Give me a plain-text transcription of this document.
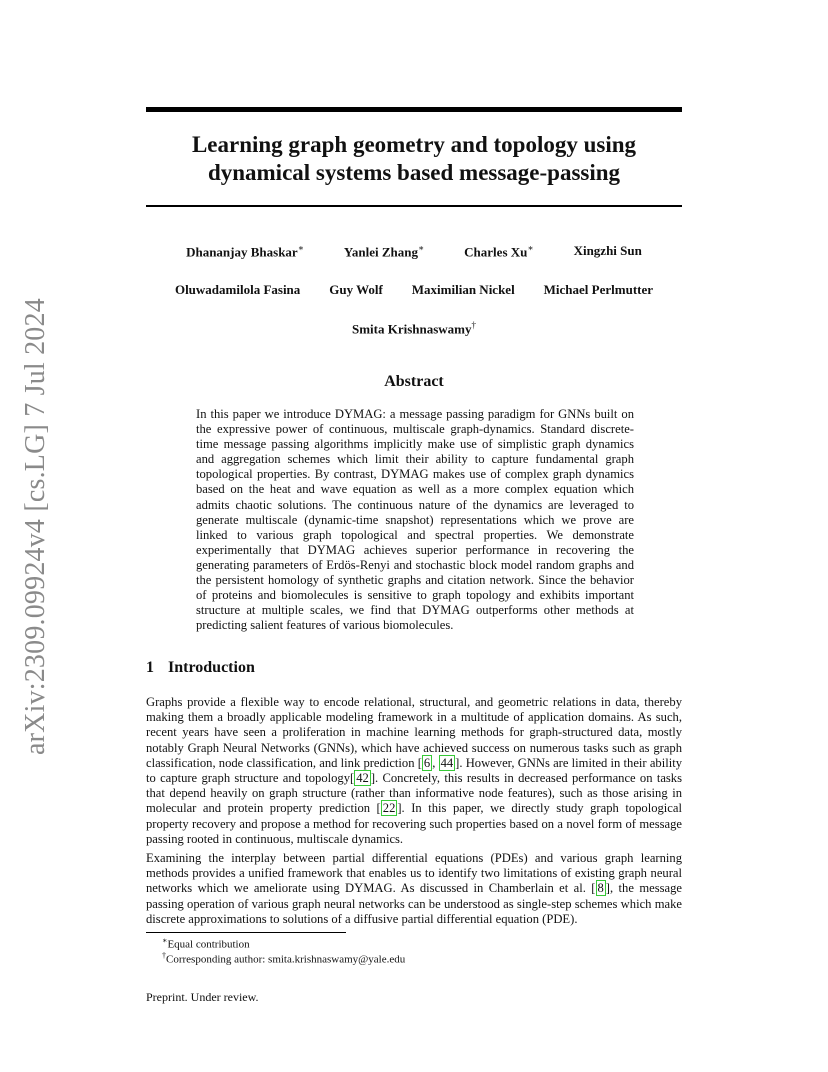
arXiv:2309.09924v4 [cs.LG] 7 Jul 2024
Learning graph geometry and topology using
dynamical systems based message-passing
Dhananjay Bhaskar∗	Yanlei Zhang∗	Charles Xu∗	Xingzhi Sun
Oluwadamilola Fasina Guy Wolf Maximilian Nickel Michael Perlmutter
Smita Krishnaswamy†
Abstract
In this paper we introduce DYMAG: a message passing paradigm for GNNs built on the expressive power of continuous, multiscale graph-dynamics. Standard discrete-time message passing algorithms implicitly make use of simplistic graph dynamics and aggregation schemes which limit their ability to capture fundamental graph topological properties. By contrast, DYMAG makes use of complex graph dynamics based on the heat and wave equation as well as a more complex equation which admits chaotic solutions. The continuous nature of the dynamics are leveraged to generate multiscale (dynamic-time snapshot) representations which we prove are linked to various graph topological and spectral properties. We demonstrate experimentally that DYMAG achieves superior performance in recovering the generating parameters of Erdös-Renyi and stochastic block model random graphs and the persistent homology of synthetic graphs and citation network. Since the behavior of proteins and biomolecules is sensitive to graph topology and exhibits important structure at multiple scales, we find that DYMAG outperforms other methods at predicting salient features of various biomolecules.
1 Introduction
Graphs provide a flexible way to encode relational, structural, and geometric relations in data, thereby making them a broadly applicable modeling framework in a multitude of application domains. As such, recent years have seen a proliferation in machine learning methods for graph-structured data, mostly notably Graph Neural Networks (GNNs), which have achieved success on numerous tasks such as graph classification, node classification, and link prediction [ 6 , 44 ]. However, GNNs are limited in their ability to capture graph structure and topology[ 42 ]. Concretely, this results in decreased performance on tasks that depend heavily on graph structure (rather than informative node features), such as those arising in molecular and protein property prediction [ 22 ]. In this paper, we directly study graph topological property recovery and propose a method for recovering such properties based on a novel form of message passing rooted in continuous, multiscale dynamics.
Examining the interplay between partial differential equations (PDEs) and various graph learning methods provides a unified framework that enables us to identify two limitations of existing graph neural networks which we ameliorate using DYMAG. As discussed in Chamberlain et al. [ 8 ], the message passing operation of various graph neural networks can be understood as single-step schemes which make discrete approximations to solutions of a diffusive partial differential equation (PDE).
∗Equal contribution
†Corresponding author: smita.krishnaswamy@yale.edu
Preprint. Under review.
